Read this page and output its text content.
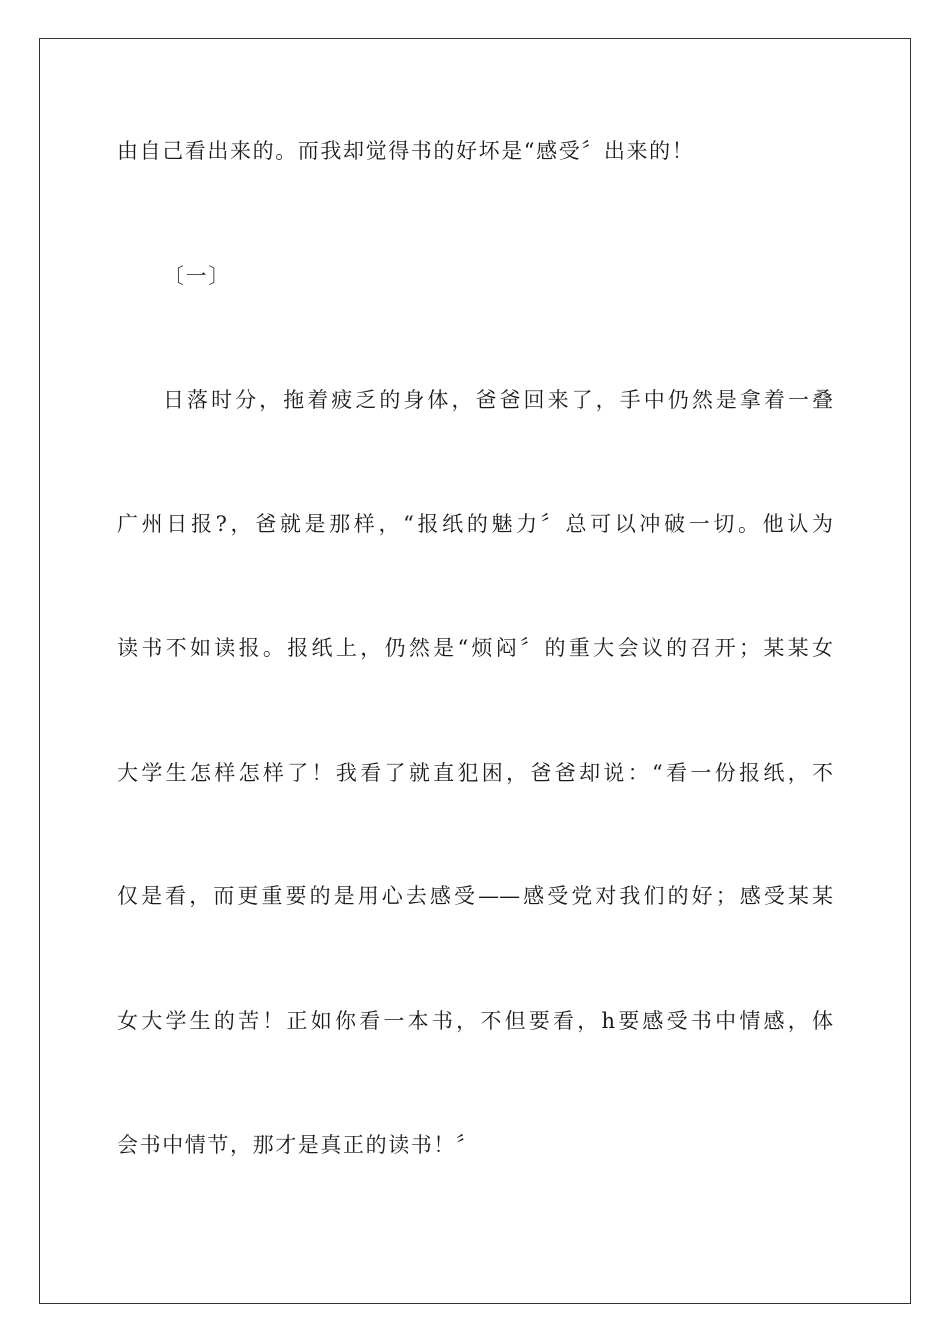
由自己看出来的。而我却觉得书的好坏是“感受〞出来的！
〔一〕
日落时分，拖着疲乏的身体，爸爸回来了，手中仍然是拿着一叠
广州日报?，爸就是那样，“报纸的魅力〞总可以冲破一切。他认为
读书不如读报。报纸上，仍然是“烦闷〞的重大会议的召开；某某女
大学生怎样怎样了！我看了就直犯困，爸爸却说：“看一份报纸，不
仅是看，而更重要的是用心去感受——感受党对我们的好；感受某某
女大学生的苦！正如你看一本书，不但要看，h要感受书中情感，体
会书中情节，那才是真正的读书！〞
